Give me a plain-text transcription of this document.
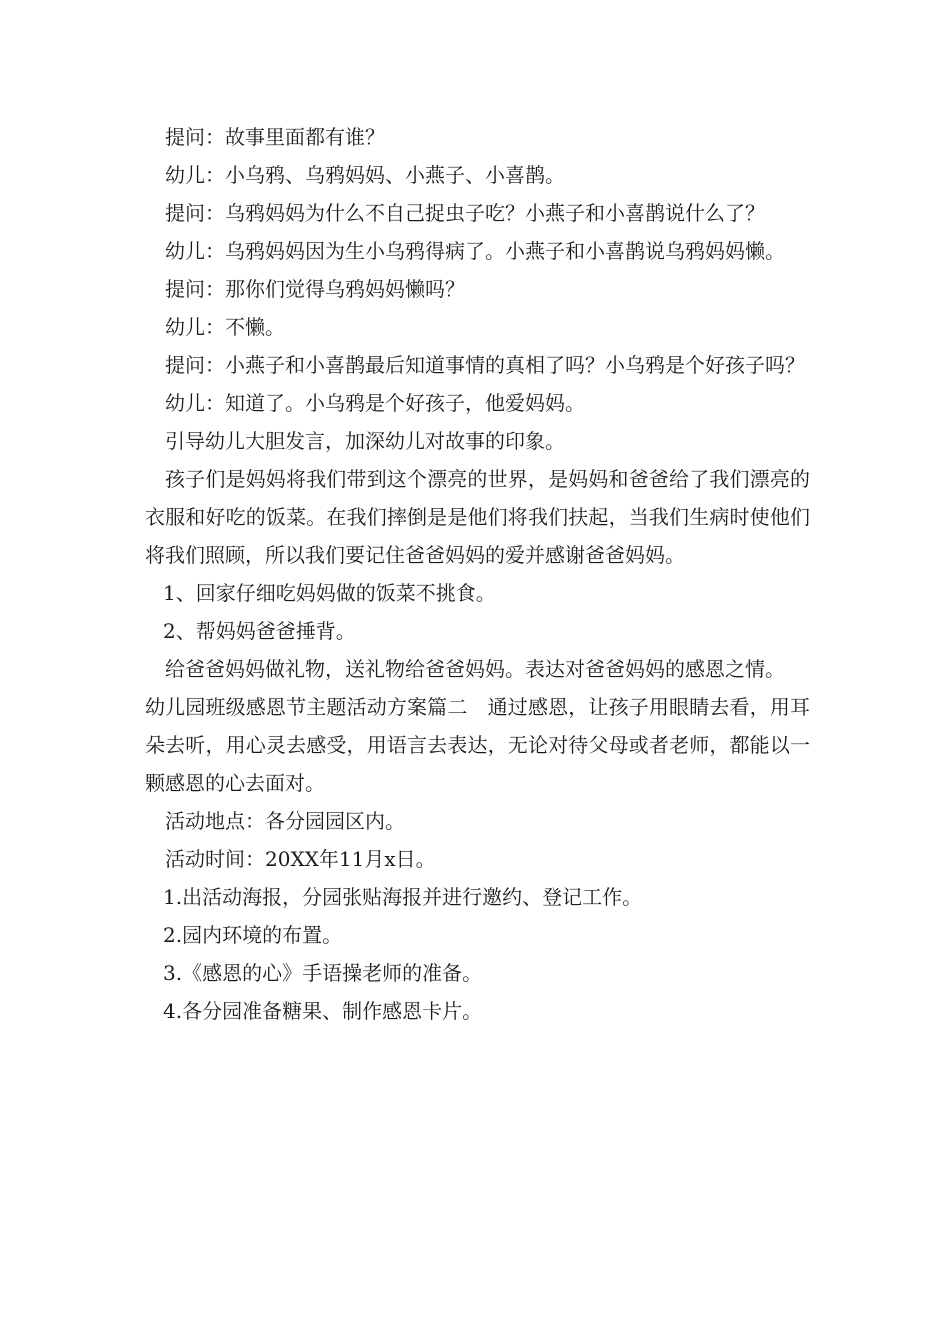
提问：故事里面都有谁？

幼儿：小乌鸦、乌鸦妈妈、小燕子、小喜鹊。

提问：乌鸦妈妈为什么不自己捉虫子吃？小燕子和小喜鹊说什么了？

幼儿：乌鸦妈妈因为生小乌鸦得病了。小燕子和小喜鹊说乌鸦妈妈懒。

提问：那你们觉得乌鸦妈妈懒吗？

幼儿：不懒。

提问：小燕子和小喜鹊最后知道事情的真相了吗？小乌鸦是个好孩子吗？

幼儿：知道了。小乌鸦是个好孩子，他爱妈妈。

引导幼儿大胆发言，加深幼儿对故事的印象。

孩子们是妈妈将我们带到这个漂亮的世界，是妈妈和爸爸给了我们漂亮的衣服和好吃的饭菜。在我们摔倒是是他们将我们扶起，当我们生病时使他们将我们照顾，所以我们要记住爸爸妈妈的爱并感谢爸爸妈妈。

1、回家仔细吃妈妈做的饭菜不挑食。

2、帮妈妈爸爸捶背。

给爸爸妈妈做礼物，送礼物给爸爸妈妈。表达对爸爸妈妈的感恩之情。

幼儿园班级感恩节主题活动方案篇二　通过感恩，让孩子用眼睛去看，用耳朵去听，用心灵去感受，用语言去表达，无论对待父母或者老师，都能以一颗感恩的心去面对。

活动地点：各分园园区内。

活动时间：20XX年11月x日。

1.出活动海报，分园张贴海报并进行邀约、登记工作。

2.园内环境的布置。

3.《感恩的心》手语操老师的准备。

4.各分园准备糖果、制作感恩卡片。
